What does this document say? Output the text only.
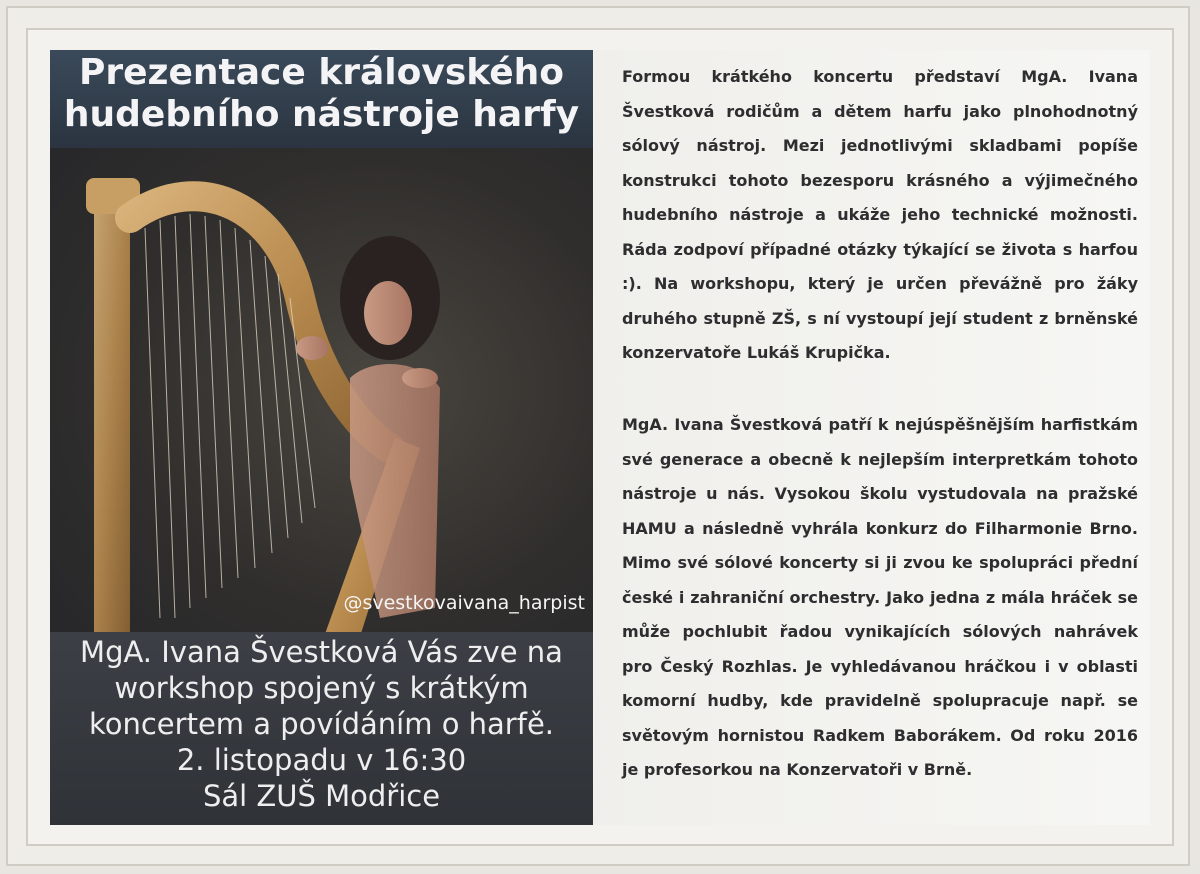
Prezentace královského
hudebního nástroje harfy
@svestkovaivana_harpist

MgA. Ivana Švestková Vás zve na
workshop spojený s krátkým
koncertem a povídáním o harfě.
2. listopadu v 16:30
Sál ZUŠ Modřice

Formou krátkého koncertu představí MgA. Ivana Švestková rodičům a dětem harfu jako plnohodnotný sólový nástroj. Mezi jednotlivými skladbami popíše konstrukci tohoto bezesporu krásného a výjimečného hudebního nástroje a ukáže jeho technické možnosti. Ráda zodpoví případné otázky týkající se života s harfou :). Na workshopu, který je určen převážně pro žáky druhého stupně ZŠ, s ní vystoupí její student z brněnské konzervatoře Lukáš Krupička.

MgA. Ivana Švestková patří k nejúspěšnějším harfistkám své generace a obecně k nejlepším interpretkám tohoto nástroje u nás. Vysokou školu vystudovala na pražské HAMU a následně vyhrála konkurz do Filharmonie Brno. Mimo své sólové koncerty si ji zvou ke spolupráci přední české i zahraniční orchestry. Jako jedna z mála hráček se může pochlubit řadou vynikajících sólových nahrávek pro Český Rozhlas. Je vyhledávanou hráčkou i v oblasti komorní hudby, kde pravidelně spolupracuje např. se světovým hornistou Radkem Baborákem. Od roku 2016 je profesorkou na Konzervatoři v Brně.
